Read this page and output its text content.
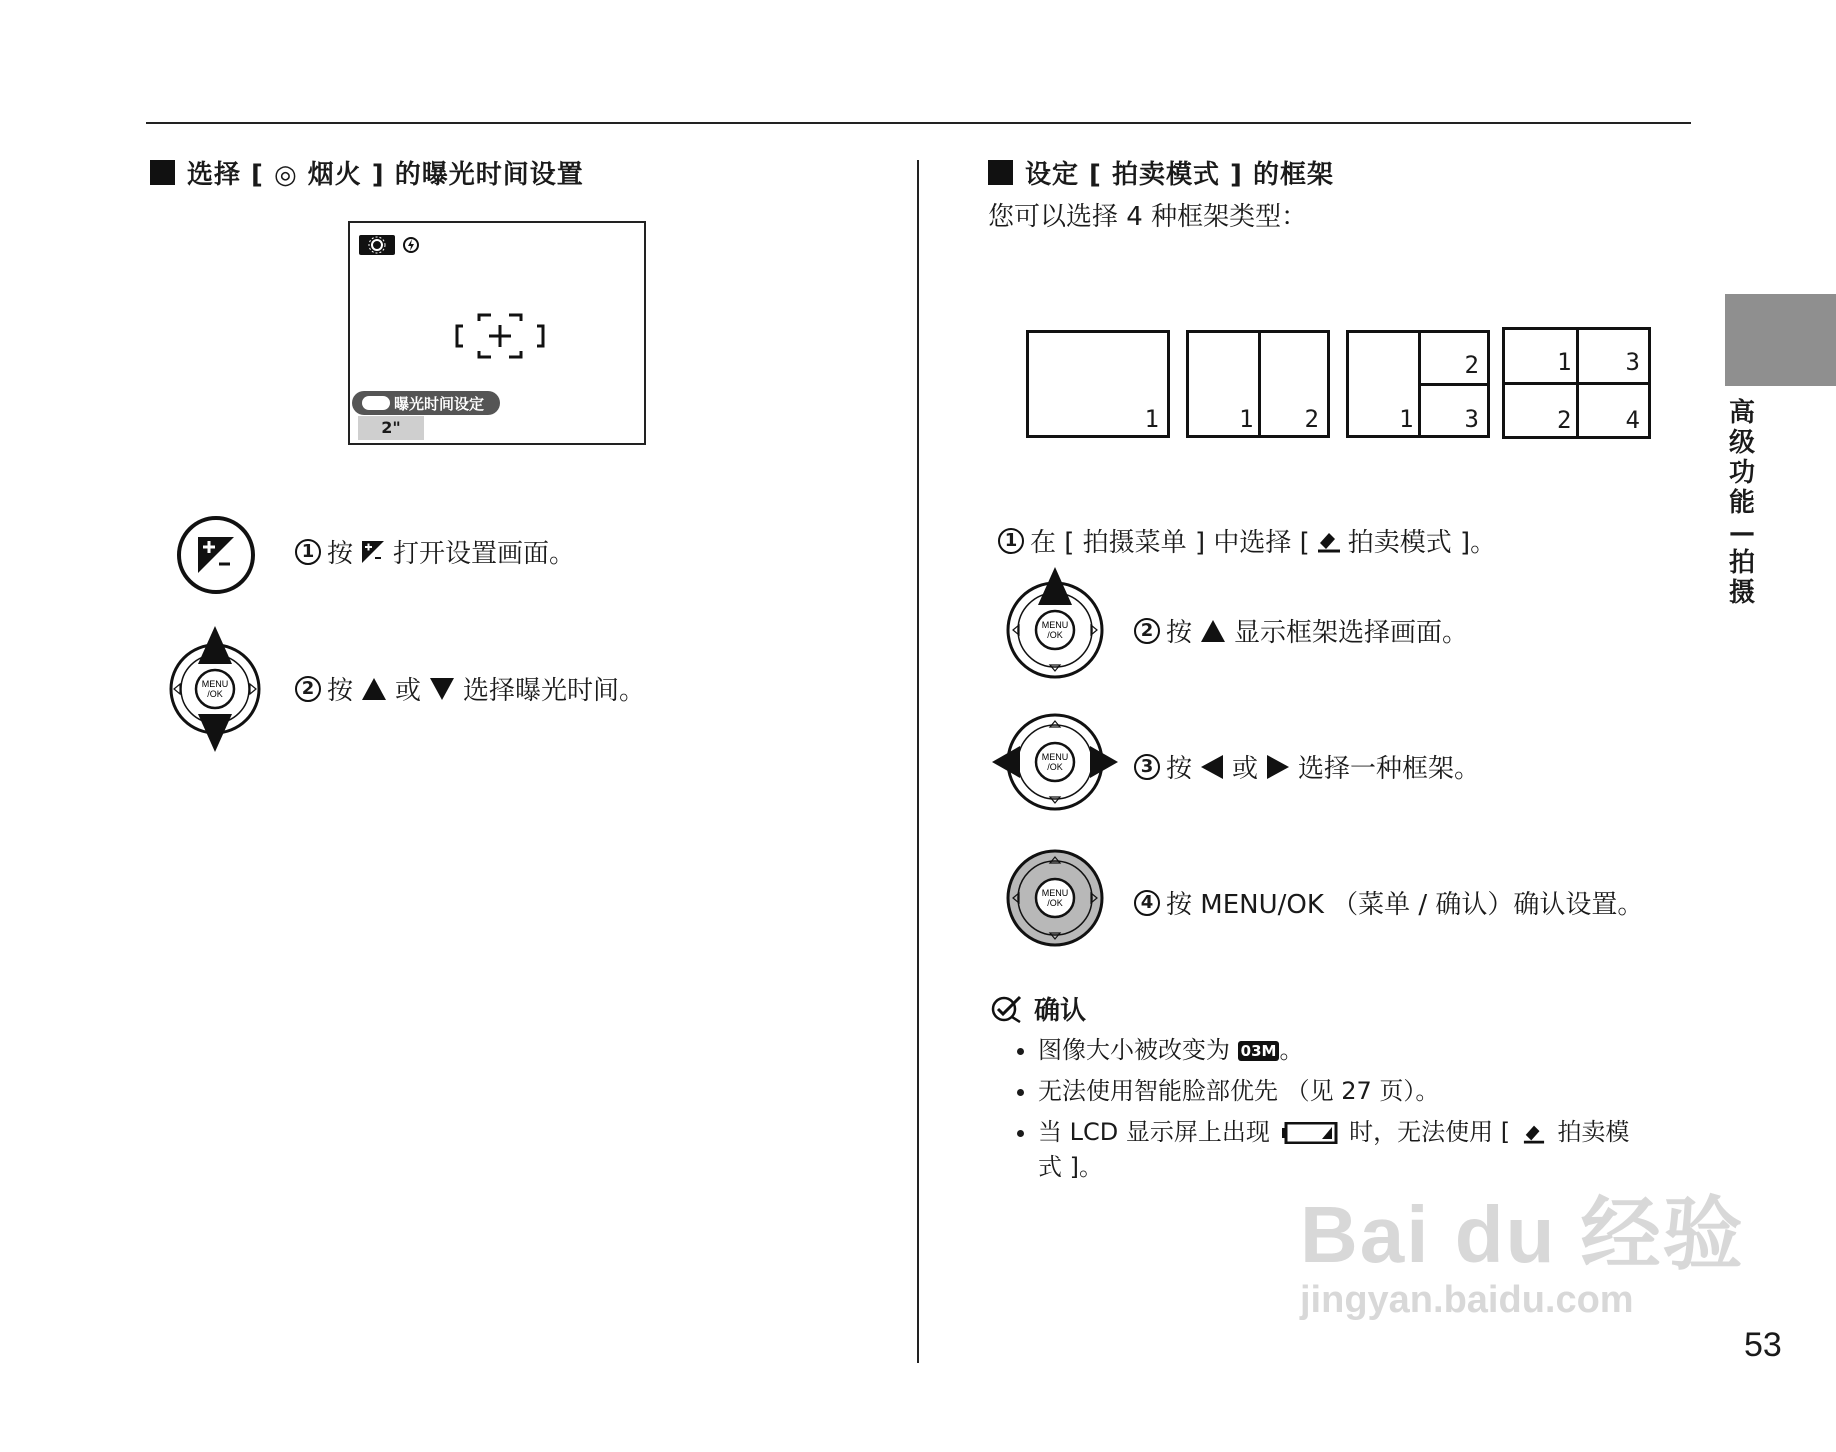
选择 [ ◎ 烟火 ] 的曝光时间设置
曝光时间设定
2"
1 按 打开设置画面。
MENU
/OK	2 按 或 选择曝光时间。
设定 [ 拍卖模式 ] 的框架
您可以选择 4 种框架类型：
1	1 2
2
1 3
1 3
2 4
1 在 [ 拍摄菜单 ] 中选择 [ 拍卖模式 ]。
MENU
/OK	2 按 显示框架选择画面。
MENU
/OK	3 按 或 选择一种框架。
MENU
/OK	4 按 MENU/OK （菜单 / 确认）确认设置。
确认
• 图像大小被改变为 03M 。
• 无法使用智能脸部优先 （见 27 页）。
• 当 LCD 显示屏上出现	时，无法使用 [ 拍卖模
式 ]。
高
级
功
能
—
拍
摄
Bai du 经验
jingyan.baidu.com
53
